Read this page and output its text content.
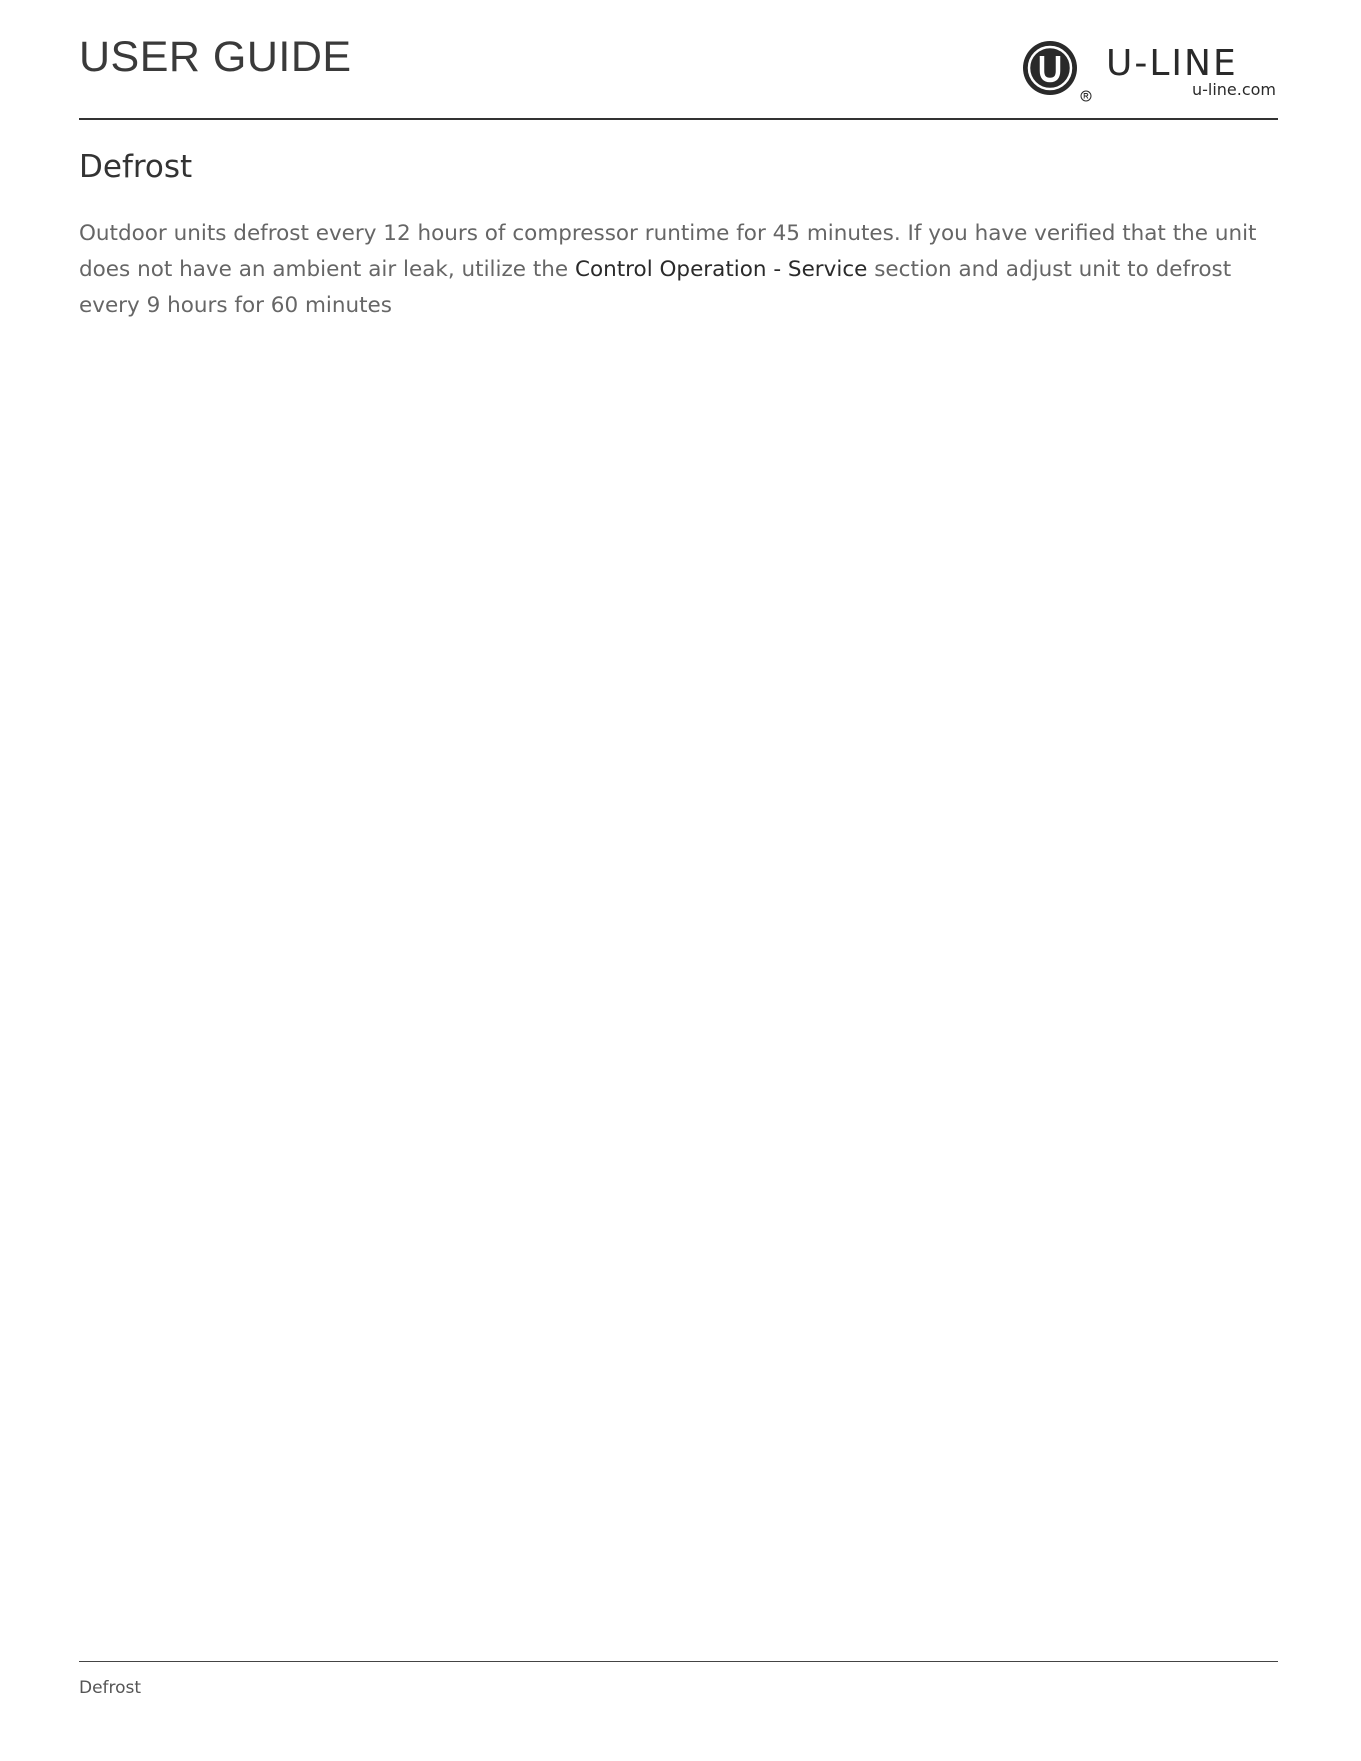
USER GUIDE	U-LINE
u-line.com
Defrost

Outdoor units defrost every 12 hours of compressor runtime for 45 minutes. If you have verified that the unit does not have an ambient air leak, utilize the Control Operation - Service section and adjust unit to defrost every 9 hours for 60 minutes

Defrost
